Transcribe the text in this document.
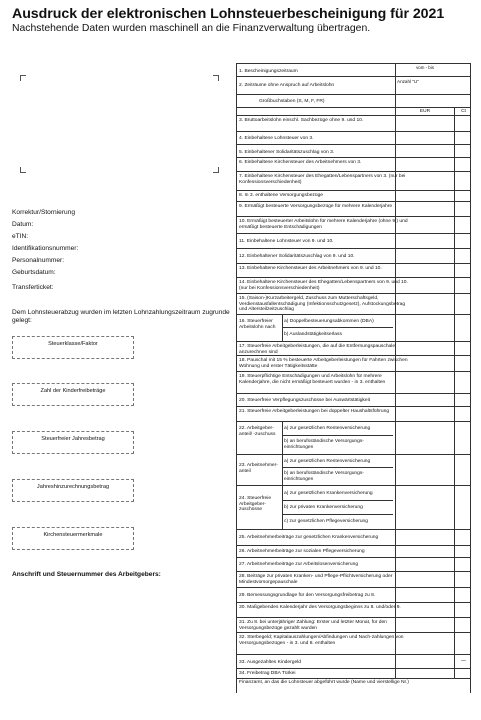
Ausdruck der elektronischen Lohnsteuerbescheinigung für 2021
Nachstehende Daten wurden maschinell an die Finanzverwaltung übertragen.
Korrektur/Stornierung
Datum:
eTIN:
Identifikationsnummer:
Personalnummer:
Geburtsdatum:
Transferticket:
Dem Lohnsteuerabzug wurden im letzten Lohnzahlungszeitraum zugrunde gelegt:
Steuerklasse/Faktor
Zahl der Kinderfreibeträge
Steuerfreier Jahresbetrag
Jahreshinzurechnungsbetrag
Kirchensteuermerkmale
Anschrift und Steuernummer des Arbeitgebers:
vom - bis
1. Bescheinigungszeitraum
Anzahl "U"
2. Zeiträume ohne Anspruch auf Arbeitslohn
Großbuchstaben (S, M, F, FR)
EUR	Ct
3. Bruttoarbeitslohn einschl. Sachbezüge ohne 9. und 10.
4. Einbehaltene Lohnsteuer von 3.
5. Einbehaltener Solidaritätszuschlag von 3.
6. Einbehaltene Kirchensteuer des Arbeitnehmers von 3.
7. Einbehaltene Kirchensteuer des Ehegatten/Lebenspartners von 3. (nur bei Konfessionsverschiedenheit)
8. In 3. enthaltene Versorgungsbezüge
9. Ermäßigt besteuerte Versorgungsbezüge für mehrere Kalenderjahre
10. Ermäßigt besteuerter Arbeitslohn für mehrere Kalenderjahre (ohne 9.) und ermäßigt besteuerte Entschädigungen
11. Einbehaltene Lohnsteuer von 9. und 10.
12. Einbehaltener Solidaritätszuschlag von 9. und 10.
13. Einbehaltene Kirchensteuer des Arbeitnehmers von 9. und 10.
14. Einbehaltene Kirchensteuer des Ehegatten/Lebenspartners von 9. und 10. (nur bei Konfessionsverschiedenheit)
15. (Saison-)Kurzarbeitergeld, Zuschuss zum Mutterschaftsgeld, Verdienstausfallentschädigung (Infektionsschutzgesetz), Aufstockungsbetrag und Altersteilzeitzuschlag
16. Steuerfreier Arbeitslohn nach
a) Doppelbesteuerungsabkommen (DBA)
b) Auslandstätigkeitserlass
17. Steuerfreie Arbeitgeberleistungen, die auf die Entfernungspauschale anzurechnen sind
18. Pauschal mit 15 % besteuerte Arbeitgeberleistungen für Fahrten zwischen Wohnung und erster Tätigkeitsstätte
19. Steuerpflichtige Entschädigungen und Arbeitslohn für mehrere Kalenderjahre, die nicht ermäßigt besteuert wurden - in 3. enthalten
20. Steuerfreie Verpflegungszuschüsse bei Auswärtstätigkeit
21. Steuerfreie Arbeitgeberleistungen bei doppelter Haushaltsführung
22. Arbeitgeber-anteil/ -zuschuss
a) zur gesetzlichen Rentenversicherung
b) an berufsständische Versorgungs-einrichtungen
23. Arbeitnehmer-anteil
a) zur gesetzlichen Rentenversicherung
b) an berufsständische Versorgungs-einrichtungen
24. Steuerfreie Arbeitgeber-zuschüsse
a) zur gesetzlichen Krankenversicherung
b) zur privaten Krankenversicherung
c) zur gesetzlichen Pflegeversicherung
25. Arbeitnehmerbeiträge zur gesetzlichen Krankenversicherung
26. Arbeitnehmerbeiträge zur sozialen Pflegeversicherung
27. Arbeitnehmerbeiträge zur Arbeitslosenversicherung
28. Beiträge zur privaten Kranken- und Pflege-Pflichtversicherung oder Mindestvorsorgepauschale
29. Bemessungsgrundlage für den Versorgungsfreibetrag zu 8.
30. Maßgebendes Kalenderjahr des Versorgungsbeginns zu 8. und/oder 9.
31. Zu 8. bei unterjähriger Zahlung: Erster und letzter Monat, für den Versorgungsbezüge gezahlt wurden
32. Sterbegeld; Kapitalauszahlungen/Abfindungen und Nach-zahlungen von Versorgungsbezügen - in 3. und 8. enthalten
33. Ausgezahltes Kindergeld	—
34. Freibetrag DBA Türkei
Finanzamt, an das die Lohnsteuer abgeführt wurde (Name und vierstellige Nr.)
